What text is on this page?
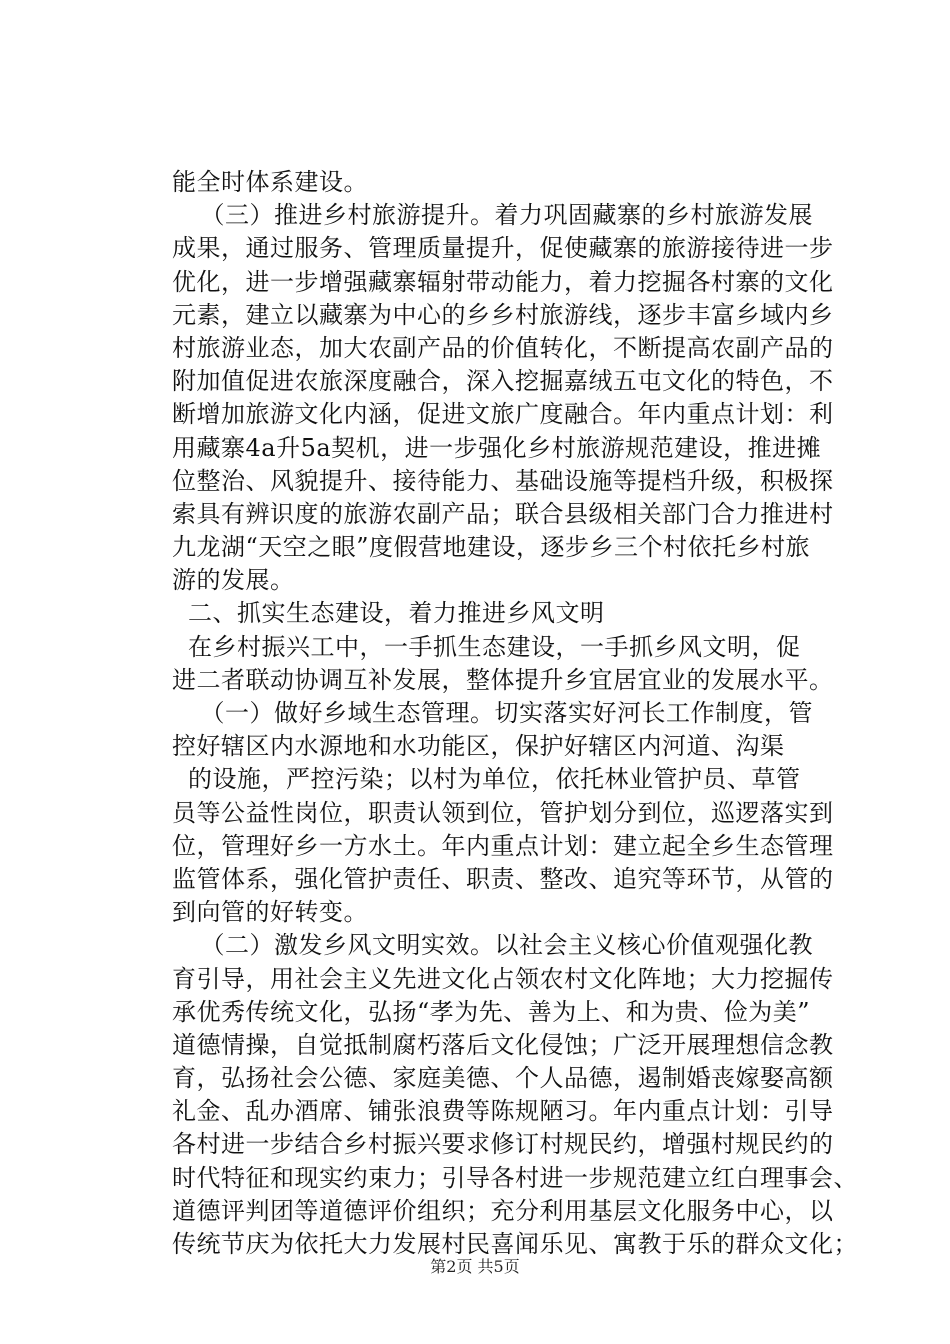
能全时体系建设。
　（三）推进乡村旅游提升。着力巩固藏寨的乡村旅游发展
成果，通过服务、管理质量提升，促使藏寨的旅游接待进一步
优化，进一步增强藏寨辐射带动能力，着力挖掘各村寨的文化
元素，建立以藏寨为中心的乡乡村旅游线，逐步丰富乡域内乡
村旅游业态，加大农副产品的价值转化，不断提高农副产品的
附加值促进农旅深度融合，深入挖掘嘉绒五屯文化的特色，不
断增加旅游文化内涵，促进文旅广度融合。年内重点计划：利
用藏寨4a升5a契机，进一步强化乡村旅游规范建设，推进摊
位整治、风貌提升、接待能力、基础设施等提档升级，积极探
索具有辨识度的旅游农副产品；联合县级相关部门合力推进村
九龙湖“天空之眼”度假营地建设，逐步乡三个村依托乡村旅
游的发展。
二、抓实生态建设，着力推进乡风文明
在乡村振兴工中，一手抓生态建设，一手抓乡风文明，促
进二者联动协调互补发展，整体提升乡宜居宜业的发展水平。
　（一）做好乡域生态管理。切实落实好河长工作制度，管
控好辖区内水源地和水功能区，保护好辖区内河道、沟渠
的设施，严控污染；以村为单位，依托林业管护员、草管
员等公益性岗位，职责认领到位，管护划分到位，巡逻落实到
位，管理好乡一方水土。年内重点计划：建立起全乡生态管理
监管体系，强化管护责任、职责、整改、追究等环节，从管的
到向管的好转变。
　（二）激发乡风文明实效。以社会主义核心价值观强化教
育引导，用社会主义先进文化占领农村文化阵地；大力挖掘传
承优秀传统文化，弘扬“孝为先、善为上、和为贵、俭为美”
道德情操，自觉抵制腐朽落后文化侵蚀；广泛开展理想信念教
育，弘扬社会公德、家庭美德、个人品德，遏制婚丧嫁娶高额
礼金、乱办酒席、铺张浪费等陈规陋习。年内重点计划：引导
各村进一步结合乡村振兴要求修订村规民约，增强村规民约的
时代特征和现实约束力；引导各村进一步规范建立红白理事会、
道德评判团等道德评价组织；充分利用基层文化服务中心，以
传统节庆为依托大力发展村民喜闻乐见、寓教于乐的群众文化；
第2页 共5页
